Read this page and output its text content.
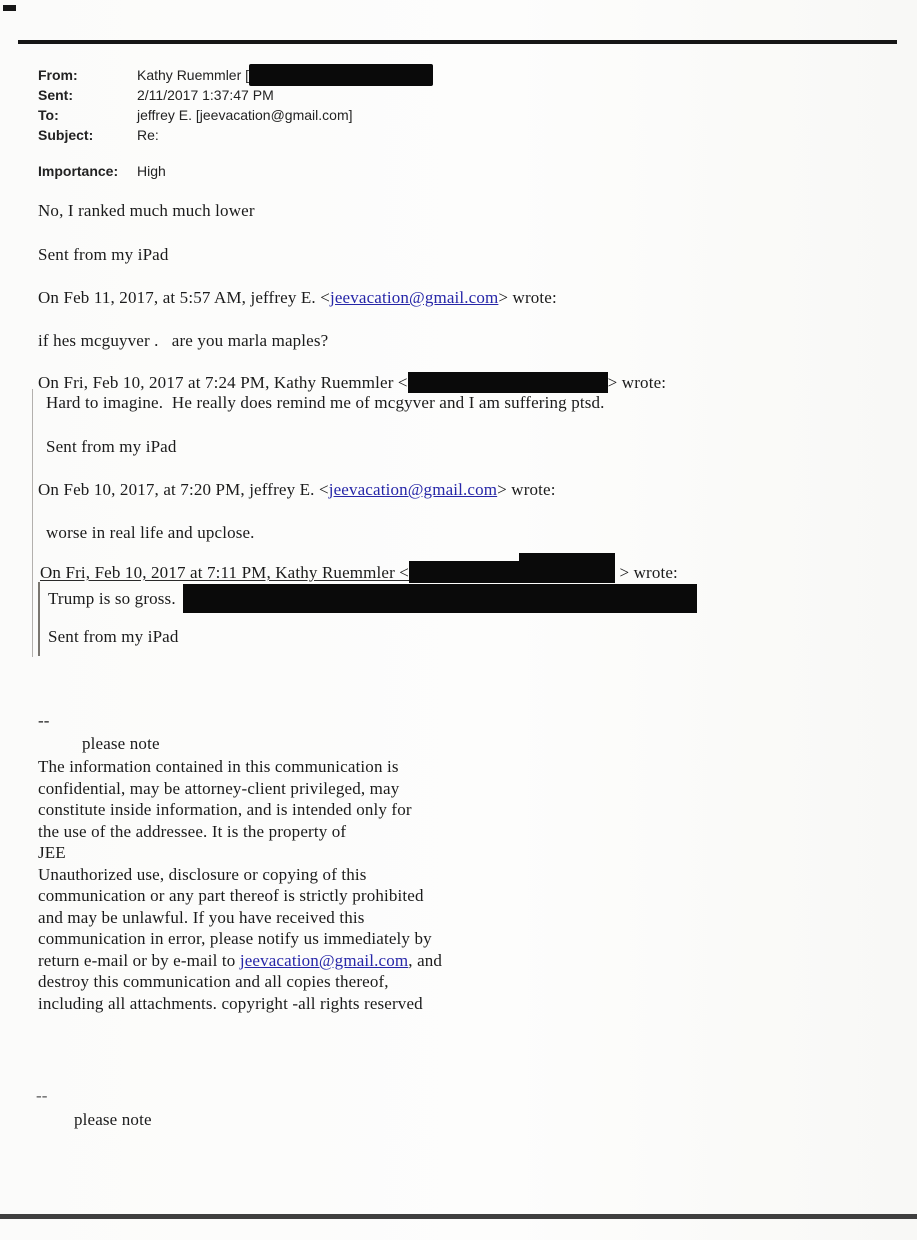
From:	Kathy Ruemmler [
Sent:	2/11/2017 1:37:47 PM
To:	jeffrey E. [jeevacation@gmail.com]
Subject:	Re:
Importance: High
No, I ranked much much lower
Sent from my iPad
On Feb 11, 2017, at 5:57 AM, jeffrey E. <jeevacation@gmail.com> wrote:
if hes mcguyver .   are you marla maples?
On Fri, Feb 10, 2017 at 7:24 PM, Kathy Ruemmler <	> wrote:
Hard to imagine.  He really does remind me of mcgyver and I am suffering ptsd.
Sent from my iPad
On Feb 10, 2017, at 7:20 PM, jeffrey E. <jeevacation@gmail.com> wrote:
worse in real life and upclose.
On Fri, Feb 10, 2017 at 7:11 PM, Kathy Ruemmler <	> wrote:
Trump is so gross.
Sent from my iPad
--
please note
The information contained in this communication is
confidential, may be attorney-client privileged, may
constitute inside information, and is intended only for
the use of the addressee. It is the property of
JEE
Unauthorized use, disclosure or copying of this
communication or any part thereof is strictly prohibited
and may be unlawful. If you have received this
communication in error, please notify us immediately by
return e-mail or by e-mail to jeevacation@gmail.com, and
destroy this communication and all copies thereof,
including all attachments. copyright -all rights reserved
--
please note
